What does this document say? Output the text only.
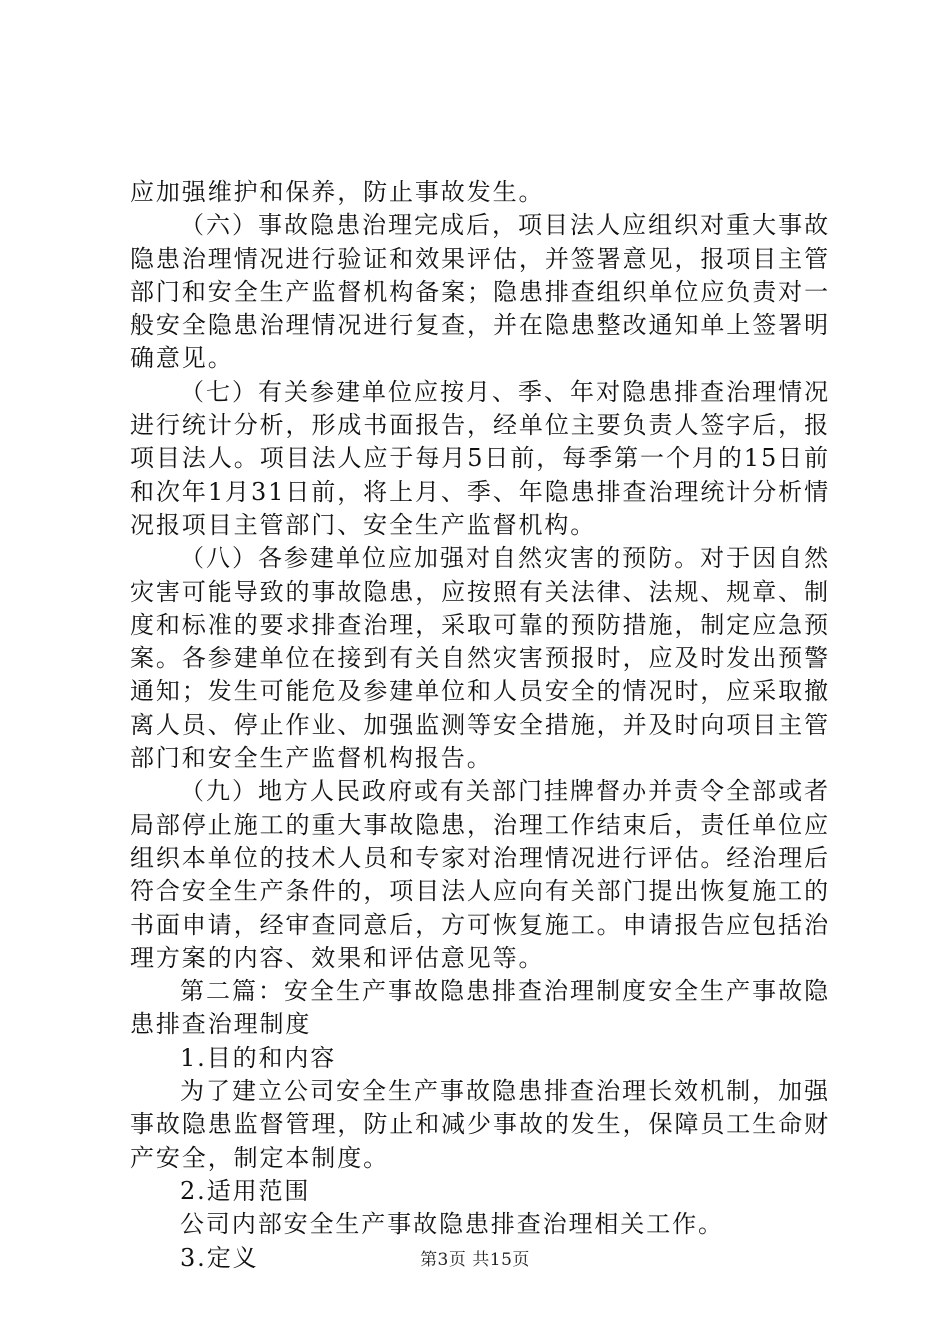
应加强维护和保养，防止事故发生。

（六）事故隐患治理完成后，项目法人应组织对重大事故隐患治理情况进行验证和效果评估，并签署意见，报项目主管部门和安全生产监督机构备案；隐患排查组织单位应负责对一般安全隐患治理情况进行复查，并在隐患整改通知单上签署明确意见。

（七）有关参建单位应按月、季、年对隐患排查治理情况进行统计分析，形成书面报告，经单位主要负责人签字后，报项目法人。项目法人应于每月5日前，每季第一个月的15日前和次年1月31日前，将上月、季、年隐患排查治理统计分析情况报项目主管部门、安全生产监督机构。

（八）各参建单位应加强对自然灾害的预防。对于因自然灾害可能导致的事故隐患，应按照有关法律、法规、规章、制度和标准的要求排查治理，采取可靠的预防措施，制定应急预案。各参建单位在接到有关自然灾害预报时，应及时发出预警通知；发生可能危及参建单位和人员安全的情况时，应采取撤离人员、停止作业、加强监测等安全措施，并及时向项目主管部门和安全生产监督机构报告。

（九）地方人民政府或有关部门挂牌督办并责令全部或者局部停止施工的重大事故隐患，治理工作结束后，责任单位应组织本单位的技术人员和专家对治理情况进行评估。经治理后符合安全生产条件的，项目法人应向有关部门提出恢复施工的书面申请，经审查同意后，方可恢复施工。申请报告应包括治理方案的内容、效果和评估意见等。

第二篇：安全生产事故隐患排查治理制度安全生产事故隐患排查治理制度

1.目的和内容

为了建立公司安全生产事故隐患排查治理长效机制，加强事故隐患监督管理，防止和减少事故的发生，保障员工生命财产安全，制定本制度。

2.适用范围

公司内部安全生产事故隐患排查治理相关工作。

3.定义	第3页 共15页
